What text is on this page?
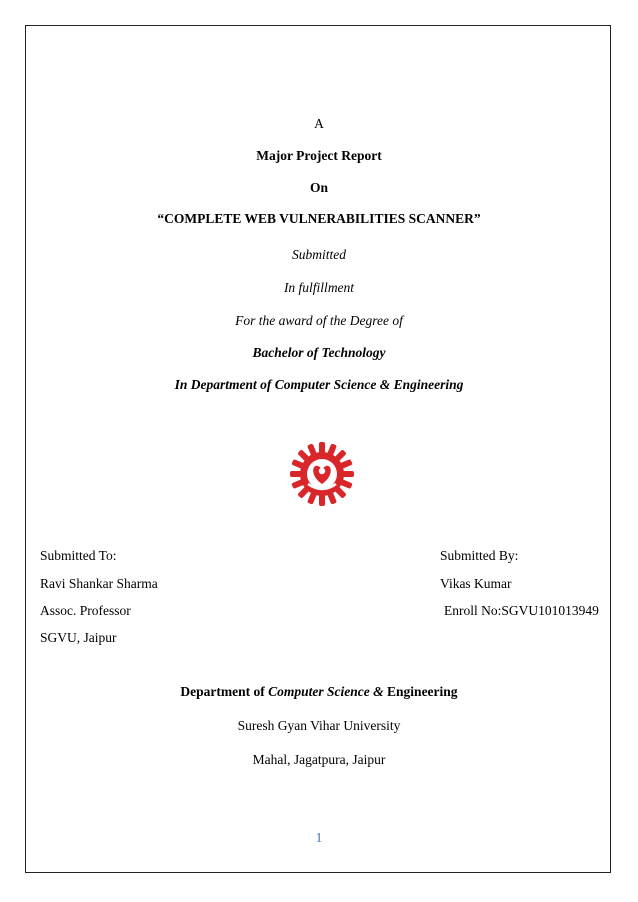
A
Major Project Report
On
“COMPLETE WEB VULNERABILITIES SCANNER”
Submitted
In fulfillment
For the award of the Degree of
Bachelor of Technology
In Department of Computer Science & Engineering
Submitted To:
Ravi Shankar Sharma
Assoc. Professor
SGVU, Jaipur
Submitted By:
Vikas Kumar
Enroll No:SGVU101013949
Department of Computer Science & Engineering
Suresh Gyan Vihar University
Mahal, Jagatpura, Jaipur
1
